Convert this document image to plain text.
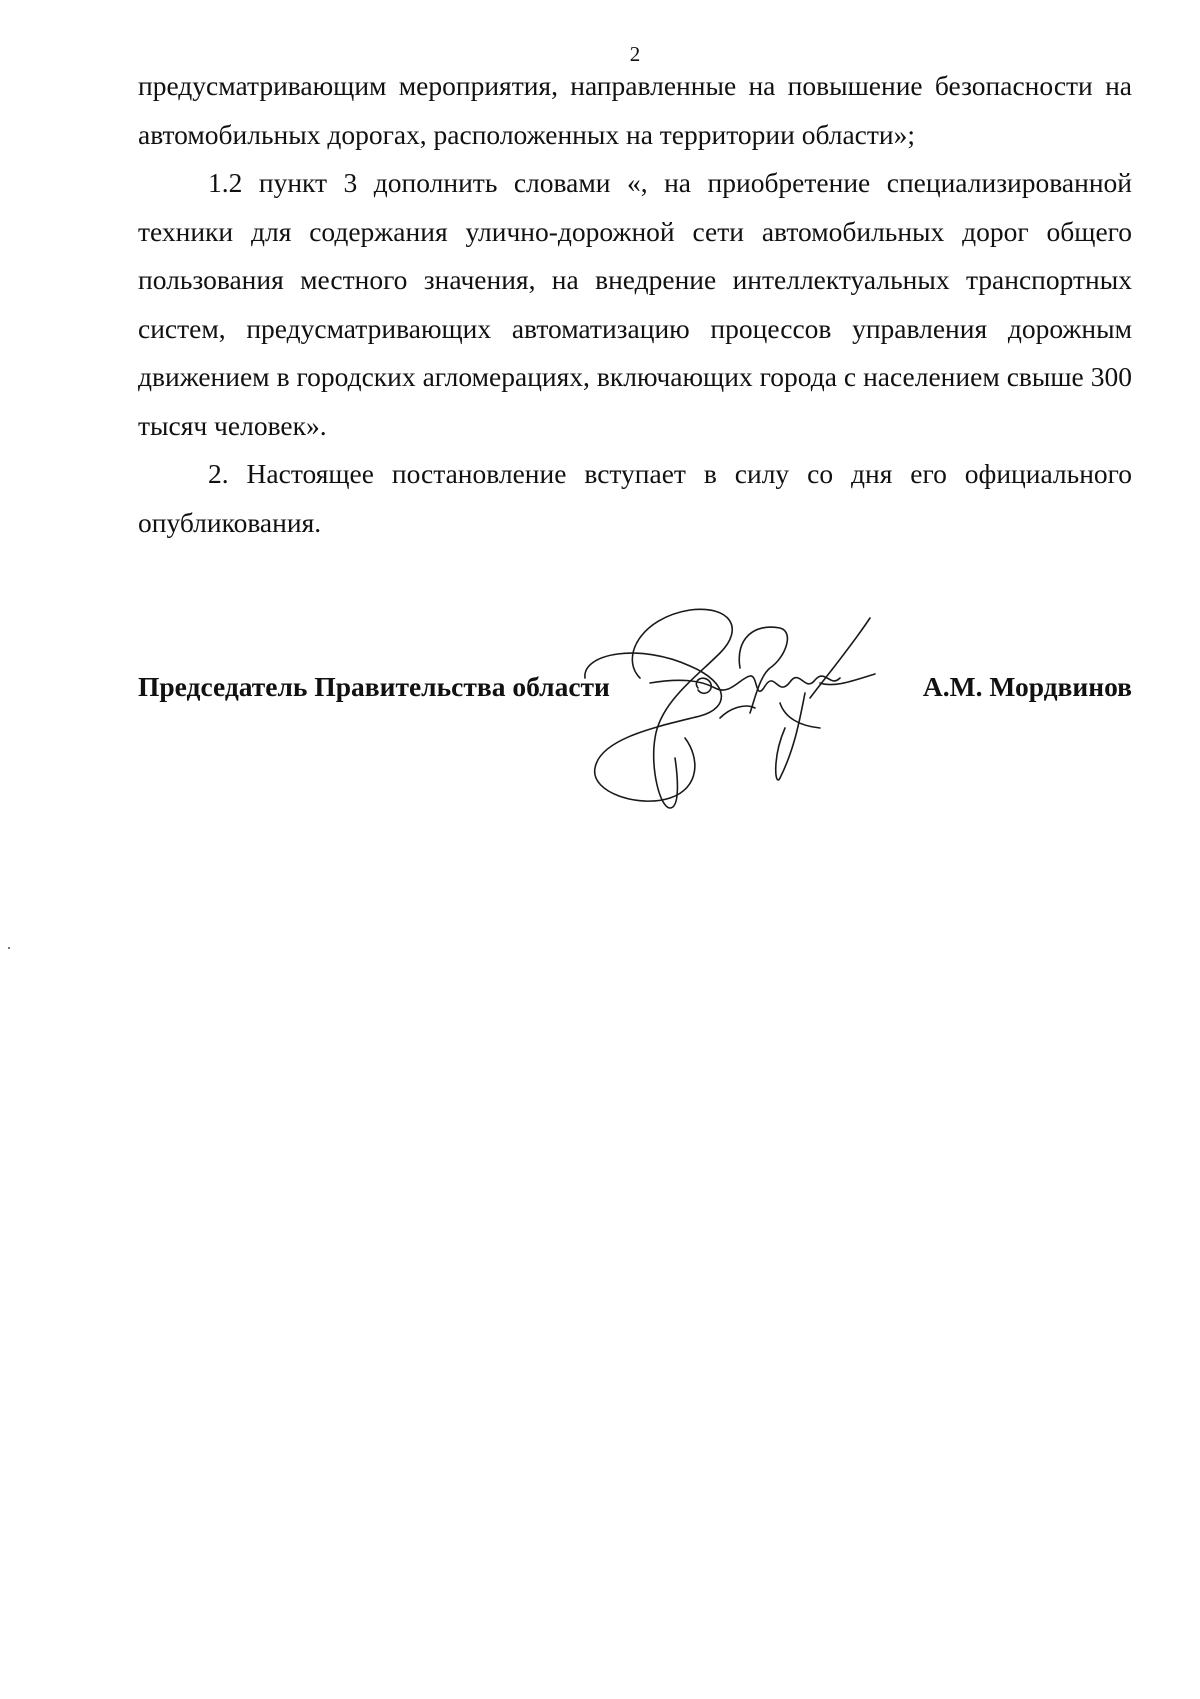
2

предусматривающим мероприятия, направленные на повышение безопасности на автомобильных дорогах, расположенных на территории области»;

1.2 пункт 3 дополнить словами «, на приобретение специализированной техники для содержания улично-дорожной сети автомобильных дорог общего пользования местного значения, на внедрение интеллектуальных транспортных систем, предусматривающих автоматизацию процессов управления дорожным движением в городских агломерациях, включающих города с населением свыше 300 тысяч человек».

2. Настоящее постановление вступает в силу со дня его официального опубликования.

Председатель Правительства области	А.М. Мордвинов
